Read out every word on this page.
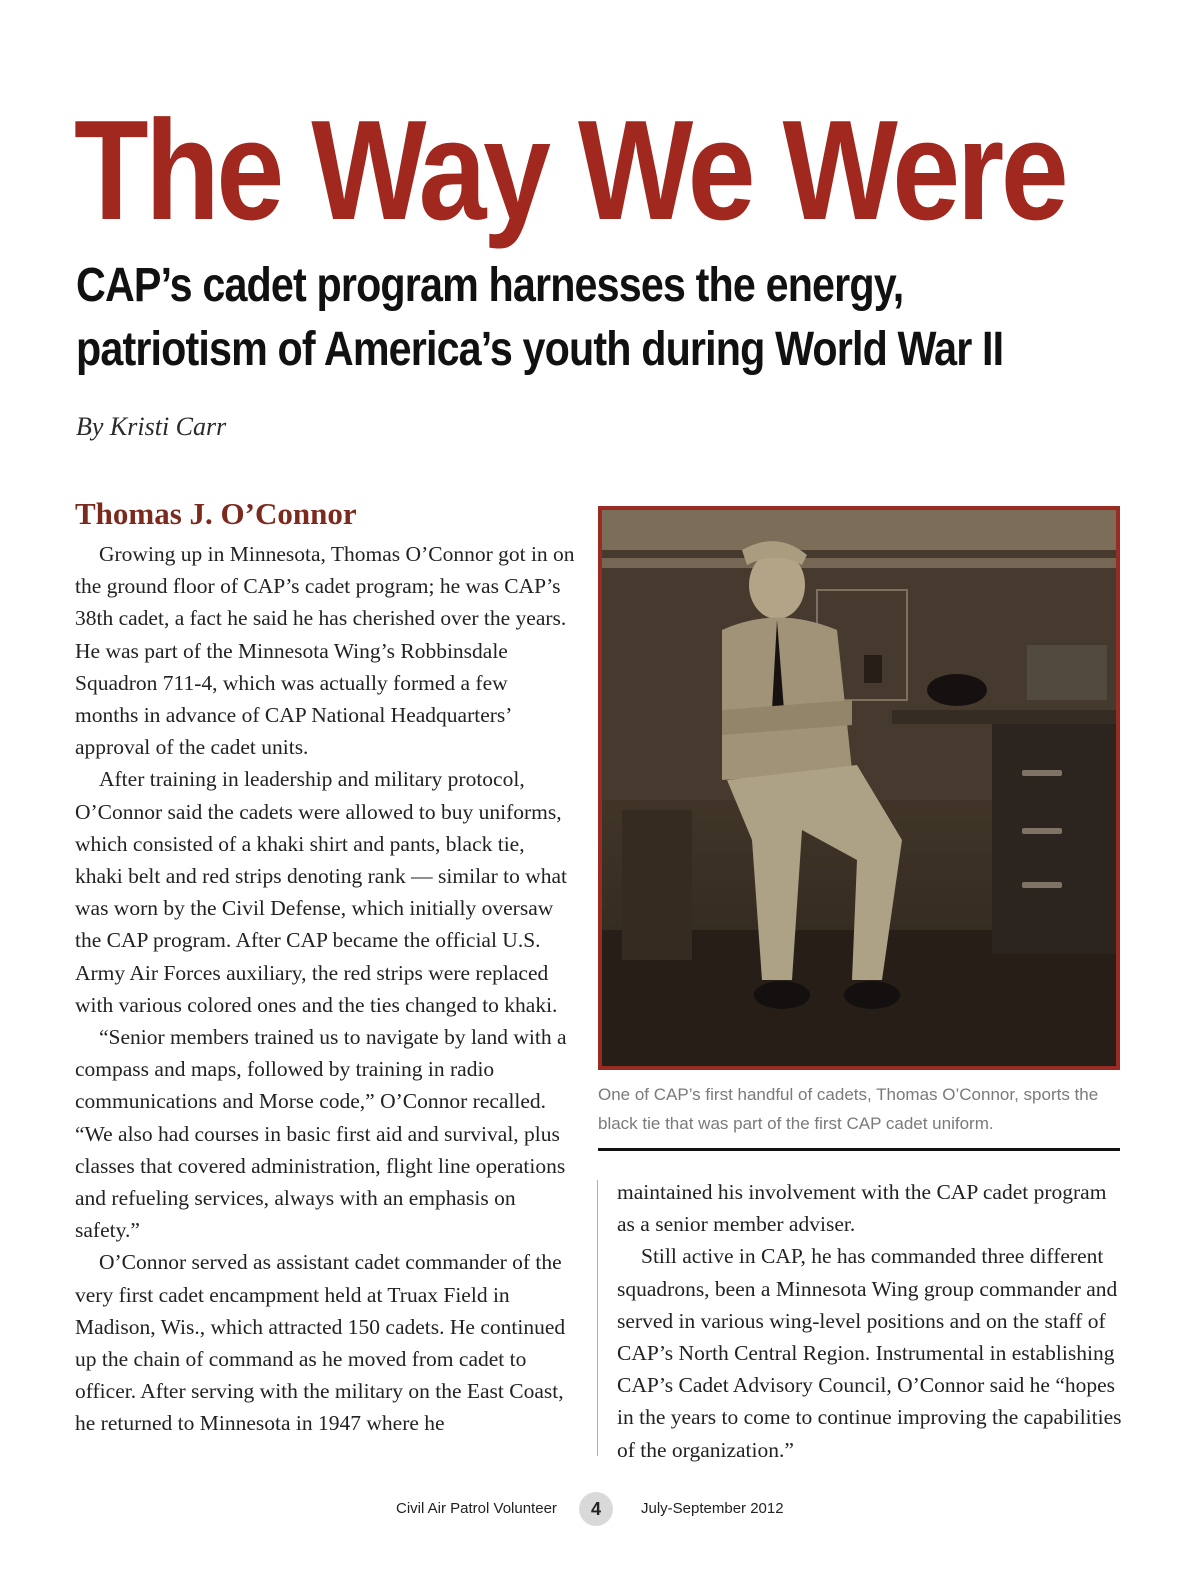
The Way We Were
CAP’s cadet program harnesses the energy,
patriotism of America’s youth during World War II
By Kristi Carr
Thomas J. O’Connor

Growing up in Minnesota, Thomas O’Connor got in on the ground floor of CAP’s cadet program; he was CAP’s 38th cadet, a fact he said he has cherished over the years. He was part of the Minnesota Wing’s Robbinsdale Squadron 711-4, which was actually formed a few months in advance of CAP National Headquarters’ approval of the cadet units.

After training in leadership and military protocol, O’Connor said the cadets were allowed to buy uniforms, which consisted of a khaki shirt and pants, black tie, khaki belt and red strips denoting rank — similar to what was worn by the Civil Defense, which initially oversaw the CAP program. After CAP became the official U.S. Army Air Forces auxiliary, the red strips were replaced with various colored ones and the ties changed to khaki.

“Senior members trained us to navigate by land with a compass and maps, followed by training in radio communications and Morse code,” O’Connor recalled. “We also had courses in basic first aid and survival, plus classes that covered administration, flight line operations and refueling services, always with an emphasis on safety.”

O’Connor served as assistant cadet commander of the very first cadet encampment held at Truax Field in Madison, Wis., which attracted 150 cadets. He continued up the chain of command as he moved from cadet to officer. After serving with the military on the East Coast, he returned to Minnesota in 1947 where he

One of CAP’s first handful of cadets, Thomas O’Connor, sports the black tie that was part of the first CAP cadet uniform.

maintained his involvement with the CAP cadet program as a senior member adviser.

Still active in CAP, he has commanded three different squadrons, been a Minnesota Wing group commander and served in various wing-level positions and on the staff of CAP’s North Central Region. Instrumental in establishing CAP’s Cadet Advisory Council, O’Connor said he “hopes in the years to come to continue improving the capabilities of the organization.”

Civil Air Patrol Volunteer	4	July-September 2012
